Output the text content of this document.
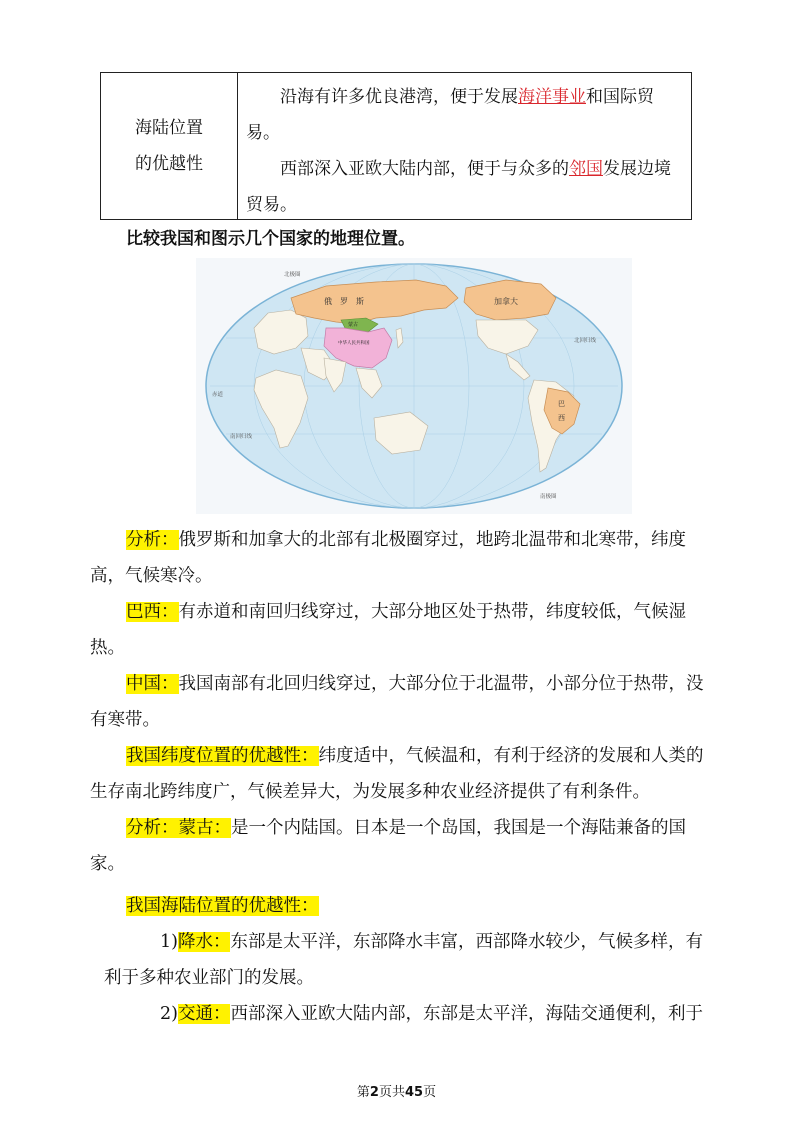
海陆位置
的优越性

沿海有许多优良港湾，便于发展海洋事业和国际贸易。

西部深入亚欧大陆内部，便于与众多的邻国发展边境贸易。

比较我国和图示几个国家的地理位置。
俄　罗　斯	加拿大
蒙古
中华人民共和国
巴
西
北极圈
北回归线
赤道
南回归线
南极圈

分析：俄罗斯和加拿大的北部有北极圈穿过，地跨北温带和北寒带，纬度高，气候寒冷。

巴西：有赤道和南回归线穿过，大部分地区处于热带，纬度较低，气候湿热。

中国：我国南部有北回归线穿过，大部分位于北温带，小部分位于热带，没有寒带。

我国纬度位置的优越性：纬度适中，气候温和，有利于经济的发展和人类的生存南北跨纬度广，气候差异大，为发展多种农业经济提供了有利条件。

分析：蒙古：是一个内陆国。日本是一个岛国，我国是一个海陆兼备的国家。

我国海陆位置的优越性：

1)降水：东部是太平洋，东部降水丰富，西部降水较少，气候多样，有利于多种农业部门的发展。

2)交通：西部深入亚欧大陆内部，东部是太平洋，海陆交通便利，利于

第2页共45页
